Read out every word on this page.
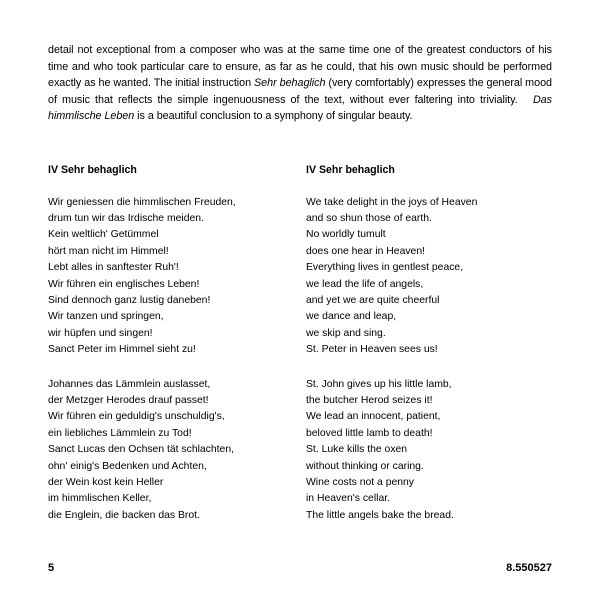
detail not exceptional from a composer who was at the same time one of the greatest conductors of his time and who took particular care to ensure, as far as he could, that his own music should be performed exactly as he wanted. The initial instruction Sehr behaglich (very comfortably) expresses the general mood of music that reflects the simple ingenuousness of the text, without ever faltering into triviality.   Das himmlische Leben is a beautiful conclusion to a symphony of singular beauty.

IV Sehr behaglich

Wir geniessen die himmlischen Freuden,
drum tun wir das Irdische meiden.
Kein weltlich' Getümmel
hört man nicht im Himmel!
Lebt alles in sanftester Ruh'!
Wir führen ein englisches Leben!
Sind dennoch ganz lustig daneben!
Wir tanzen und springen,
wir hüpfen und singen!
Sanct Peter im Himmel sieht zu!

Johannes das Lämmlein auslasset,
der Metzger Herodes drauf passet!
Wir führen ein geduldig's unschuldig's,
ein liebliches Lämmlein zu Tod!
Sanct Lucas den Ochsen tät schlachten,
ohn' einig's Bedenken und Achten,
der Wein kost kein Heller
im himmlischen Keller,
die Englein, die backen das Brot.

IV Sehr behaglich

We take delight in the joys of Heaven
and so shun those of earth.
No worldly tumult
does one hear in Heaven!
Everything lives in gentlest peace,
we lead the life of angels,
and yet we are quite cheerful
we dance and leap,
we skip and sing.
St. Peter in Heaven sees us!

St. John gives up his little lamb,
the butcher Herod seizes it!
We lead an innocent, patient,
beloved little lamb to death!
St. Luke kills the oxen
without thinking or caring.
Wine costs not a penny
in Heaven's cellar.
The little angels bake the bread.

5	8.550527
